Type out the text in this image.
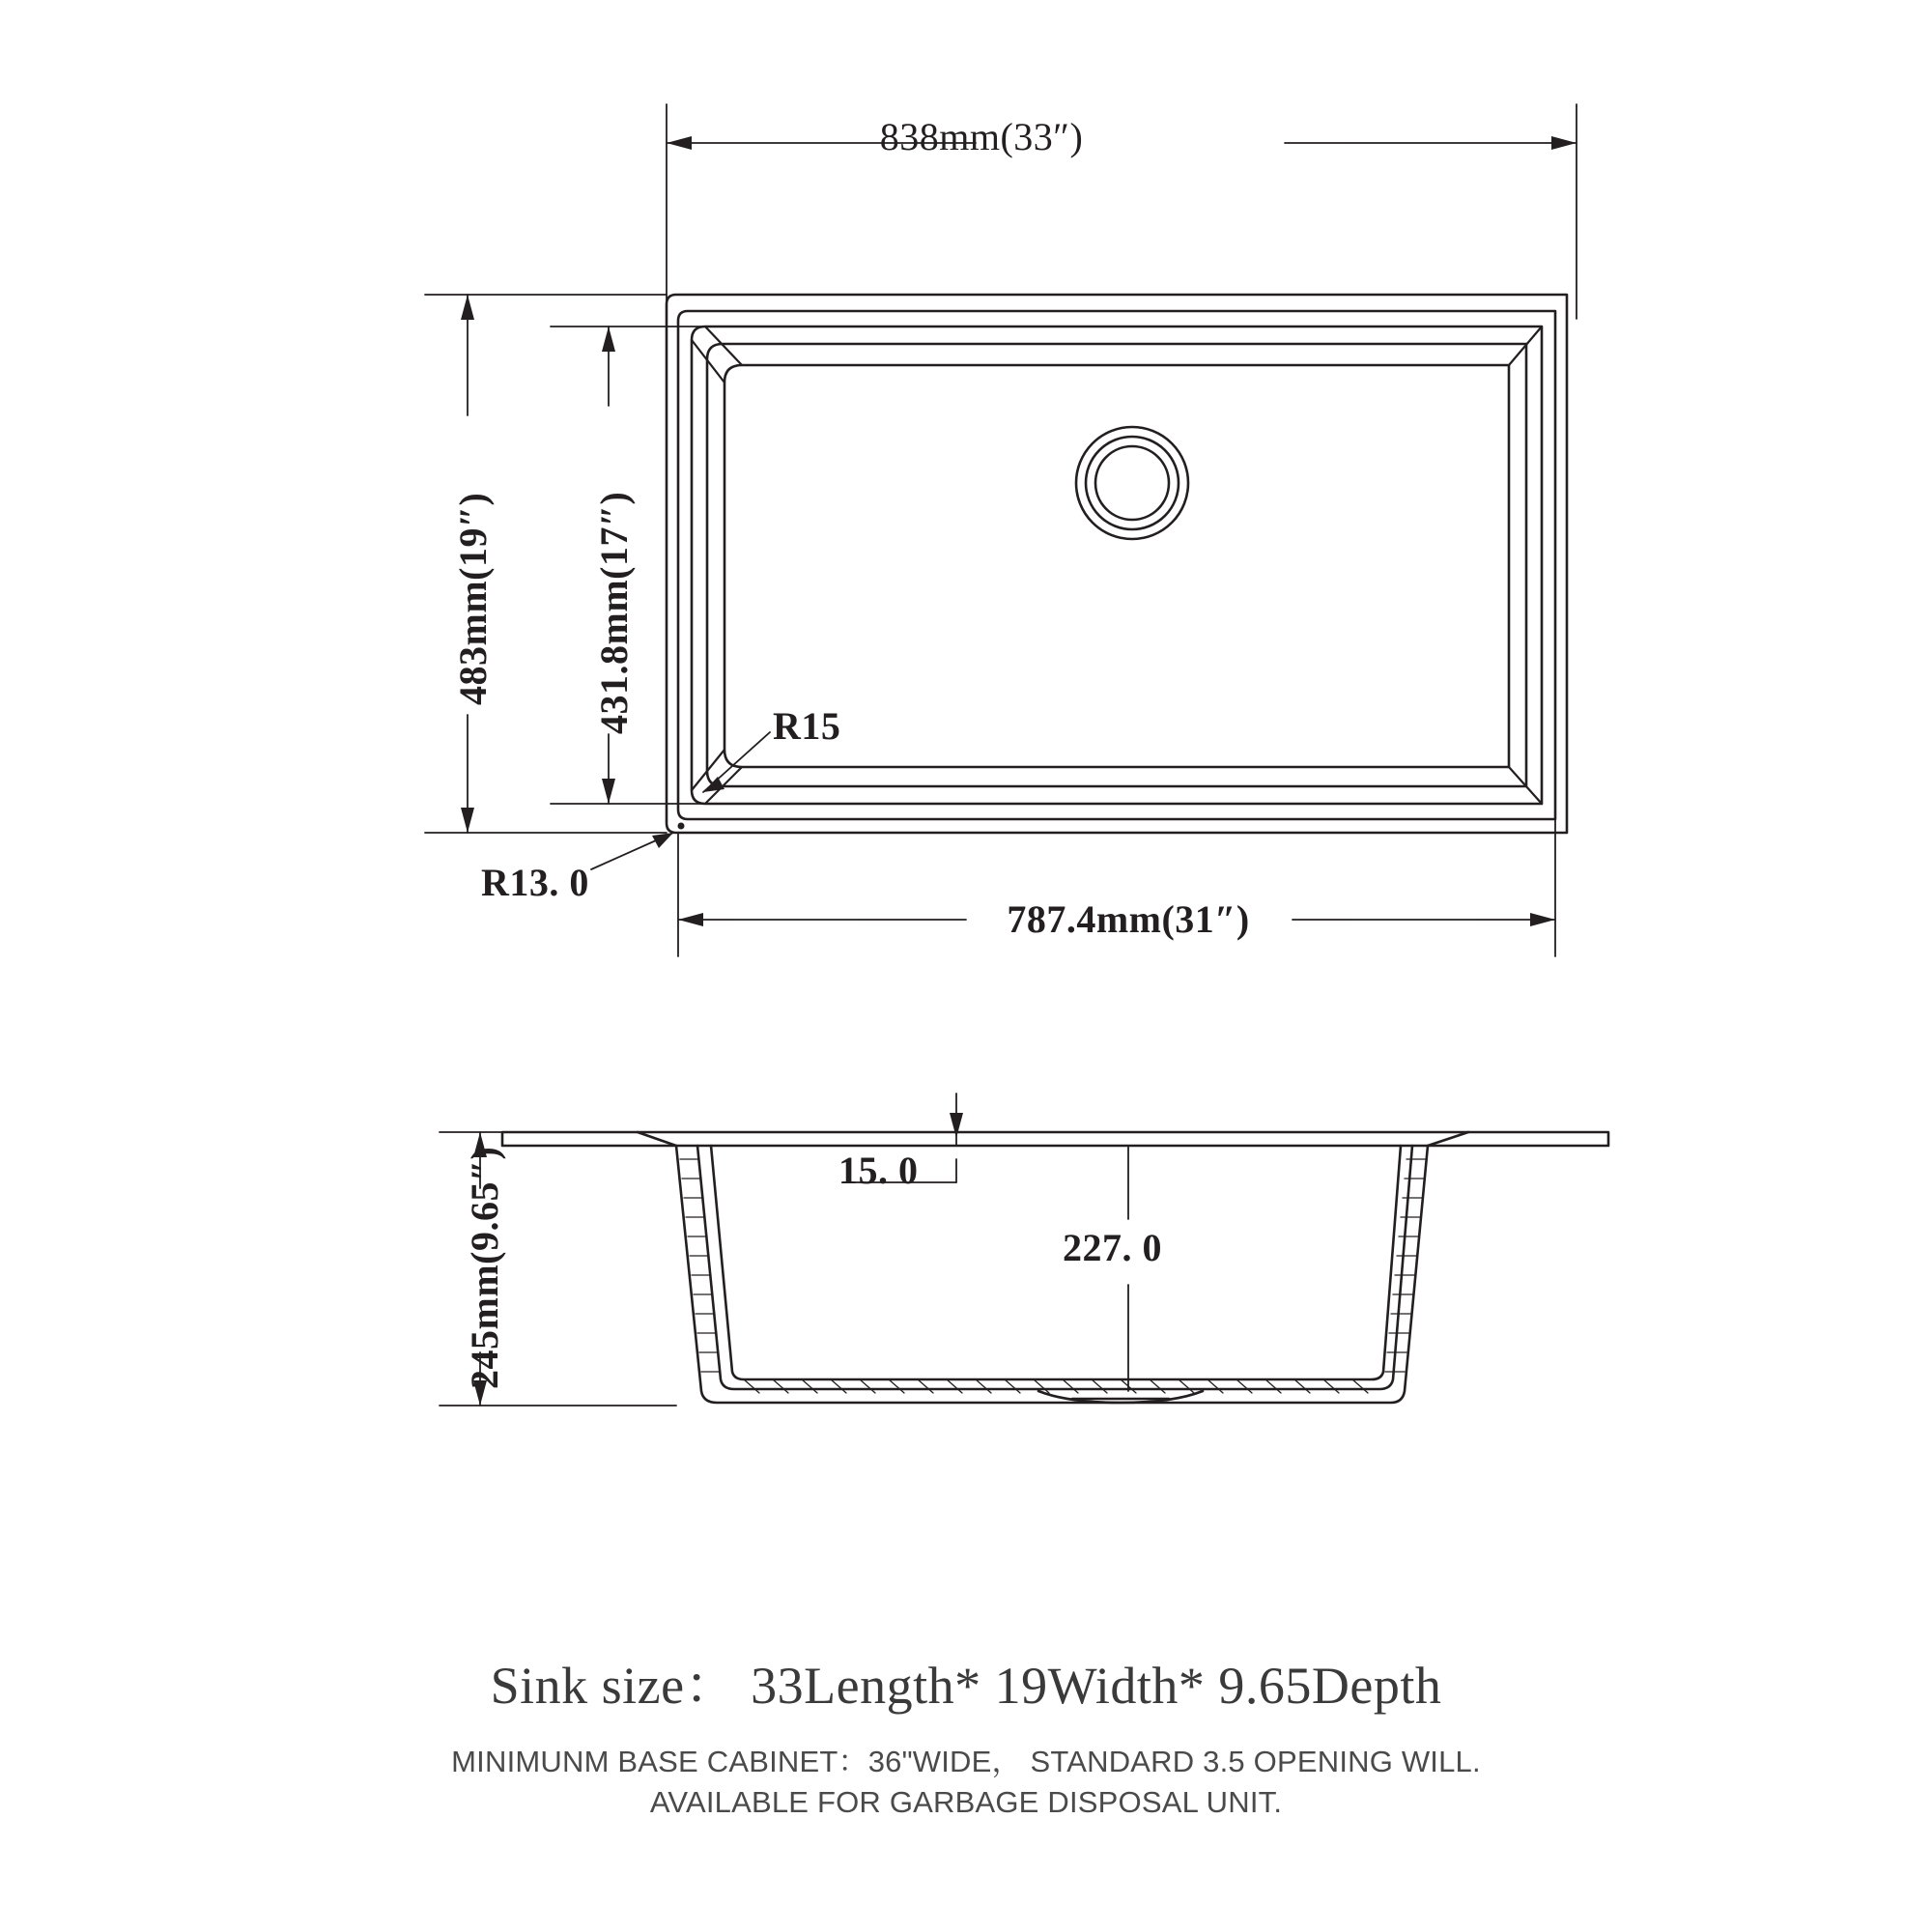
838mm(33″)
483mm(19″)	431.8mm(17″)
787.4mm(31″)
R15
R13. 0
245mm(9.65″)	15. 0
227. 0
Sink size： 33Length* 19Width* 9.65Depth
MINIMUNM BASE CABINET：36"WIDE， STANDARD 3.5 OPENING WILL.
AVAILABLE FOR GARBAGE DISPOSAL UNIT.
